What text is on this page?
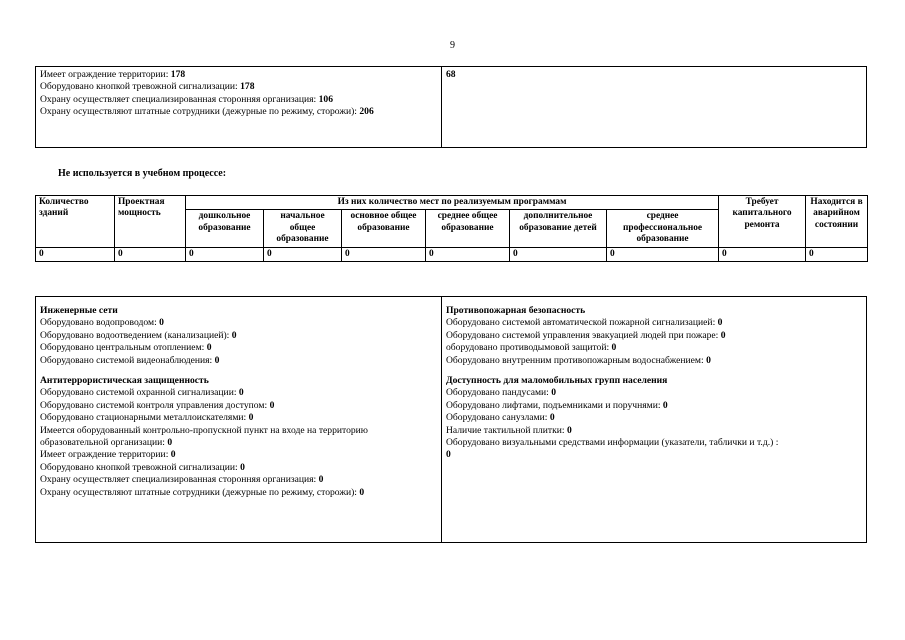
9
Имеет ограждение территории: 178
Оборудовано кнопкой тревожной сигнализации: 178
Охрану осуществляет специализированная сторонняя организация: 106
Охрану осуществляют штатные сотрудники (дежурные по режиму, сторожи): 206
68
Не используется в учебном процессе:
Количество зданий	Проектная мощность	Из них количество мест по реализуемым программам						Требует капитального ремонта	Находится в аварийном состоянии
		дошкольное образование	начальное общее образование	основное общее образование	среднее общее образование	дополнительное образование детей	среднее профессиональное образование		
0	0	0	0	0	0	0	0	0	0
Инженерные сети
Оборудовано водопроводом: 0
Оборудовано водоотведением (канализацией): 0
Оборудовано центральным отоплением: 0
Оборудовано системой видеонаблюдения: 0
Антитеррористическая защищенность
Оборудовано системой охранной сигнализации: 0
Оборудовано системой контроля управления доступом: 0
Оборудовано стационарными металлоискателями: 0
Имеется оборудованный контрольно-пропускной пункт на входе на территорию образовательной организации: 0
Имеет ограждение территории: 0
Оборудовано кнопкой тревожной сигнализации: 0
Охрану осуществляет специализированная сторонняя организация: 0
Охрану осуществляют штатные сотрудники (дежурные по режиму, сторожи): 0
Противопожарная безопасность
Оборудовано системой автоматической пожарной сигнализацией: 0
Оборудовано системой управления эвакуацией людей при пожаре: 0
оборудовано противодымовой защитой: 0
Оборудовано внутренним противопожарным водоснабжением: 0
Доступность для маломобильных групп населения
Оборудовано пандусами: 0
Оборудовано лифтами, подъемниками и поручнями: 0
Оборудовано санузлами: 0
Наличие тактильной плитки: 0
Оборудовано визуальными средствами информации (указатели, таблички и т.д.) :
0
